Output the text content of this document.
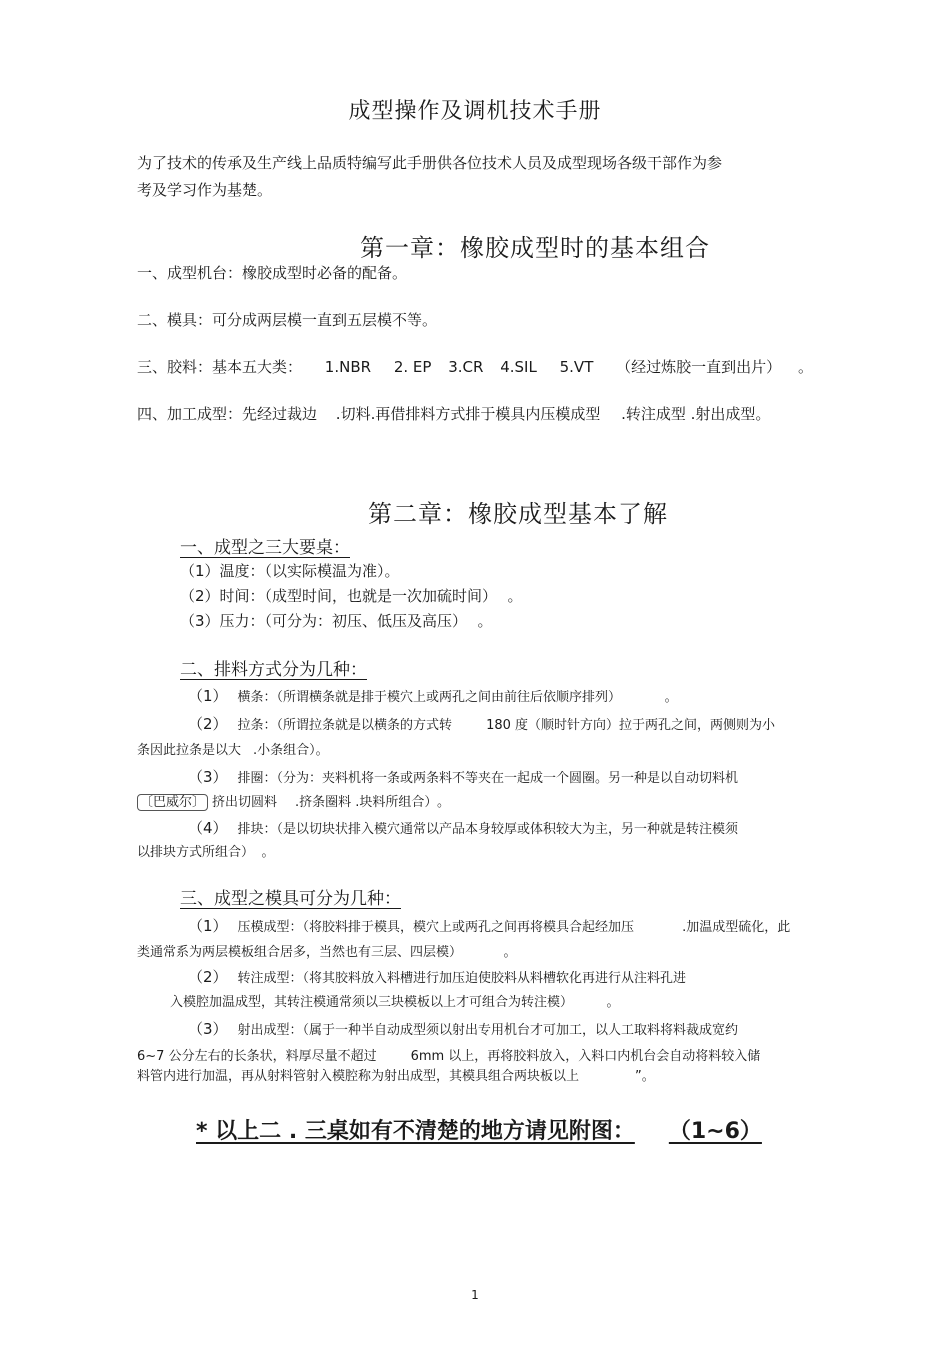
成型操作及调机技术手册
为了技术的传承及生产线上品质特编写此手册供各位技术人员及成型现场各级干部作为参
考及学习作为基楚。
第一章：橡胶成型时的基本组合
一、成型机台：橡胶成型时必备的配备。
二、模具：可分成两层模一直到五层模不等。
三、胶料：基本五大类： 1.NBR 2. EP 3.CR 4.SIL 5.VT （经过炼胶一直到出片） 。
四、加工成型：先经过裁边 .切料.再借排料方式排于模具内压模成型 .转注成型 .射出成型。
第二章：橡胶成型基本了解
一、成型之三大要桌：
（1）温度：（以实际模温为准）。
（2）时间：（成型时间，也就是一次加硫时间） 。
（3）压力：（可分为：初压、低压及高压） 。
二、排料方式分为几种：
（1） 横条：（所谓横条就是排于模穴上或两孔之间由前往后依顺序排列）	。
（2） 拉条：（所谓拉条就是以横条的方式转	180 度（顺时针方向）拉于两孔之间，两侧则为小
条因此拉条是以大 .小条组合）。
（3） 排圈：（分为：夹料机将一条或两条料不等夹在一起成一个圆圈。另一种是以自动切料机
〔巴威尔〕 挤出切圆料 .挤条圈料 .块料所组合） 。
（4） 排块：（是以切块状排入模穴通常以产品本身较厚或体积较大为主，另一种就是转注模须
以排块方式所组合） 。
三、成型之模具可分为几种：
（1） 压模成型：（将胶料排于模具，模穴上或两孔之间再将模具合起经加压	.加温成型硫化，此
类通常系为两层模板组合居多，当然也有三层、四层模）	。
（2） 转注成型：（将其胶料放入料槽进行加压迫使胶料从料槽软化再进行从注料孔进
入模腔加温成型，其转注模通常须以三块模板以上才可组合为转注模）	。
（3） 射出成型：（属于一种半自动成型须以射出专用机台才可加工，以人工取料将料裁成宽约
6~7 公分左右的长条状，料厚尽量不超过	6mm 以上，再将胶料放入，入料口内机台会自动将料较入储
料管内进行加温，再从射料管射入模腔称为射出成型，其模具组合两块板以上	”。
* 以上二 . 三桌如有不清楚的地方请见附图： （1~6）
1
